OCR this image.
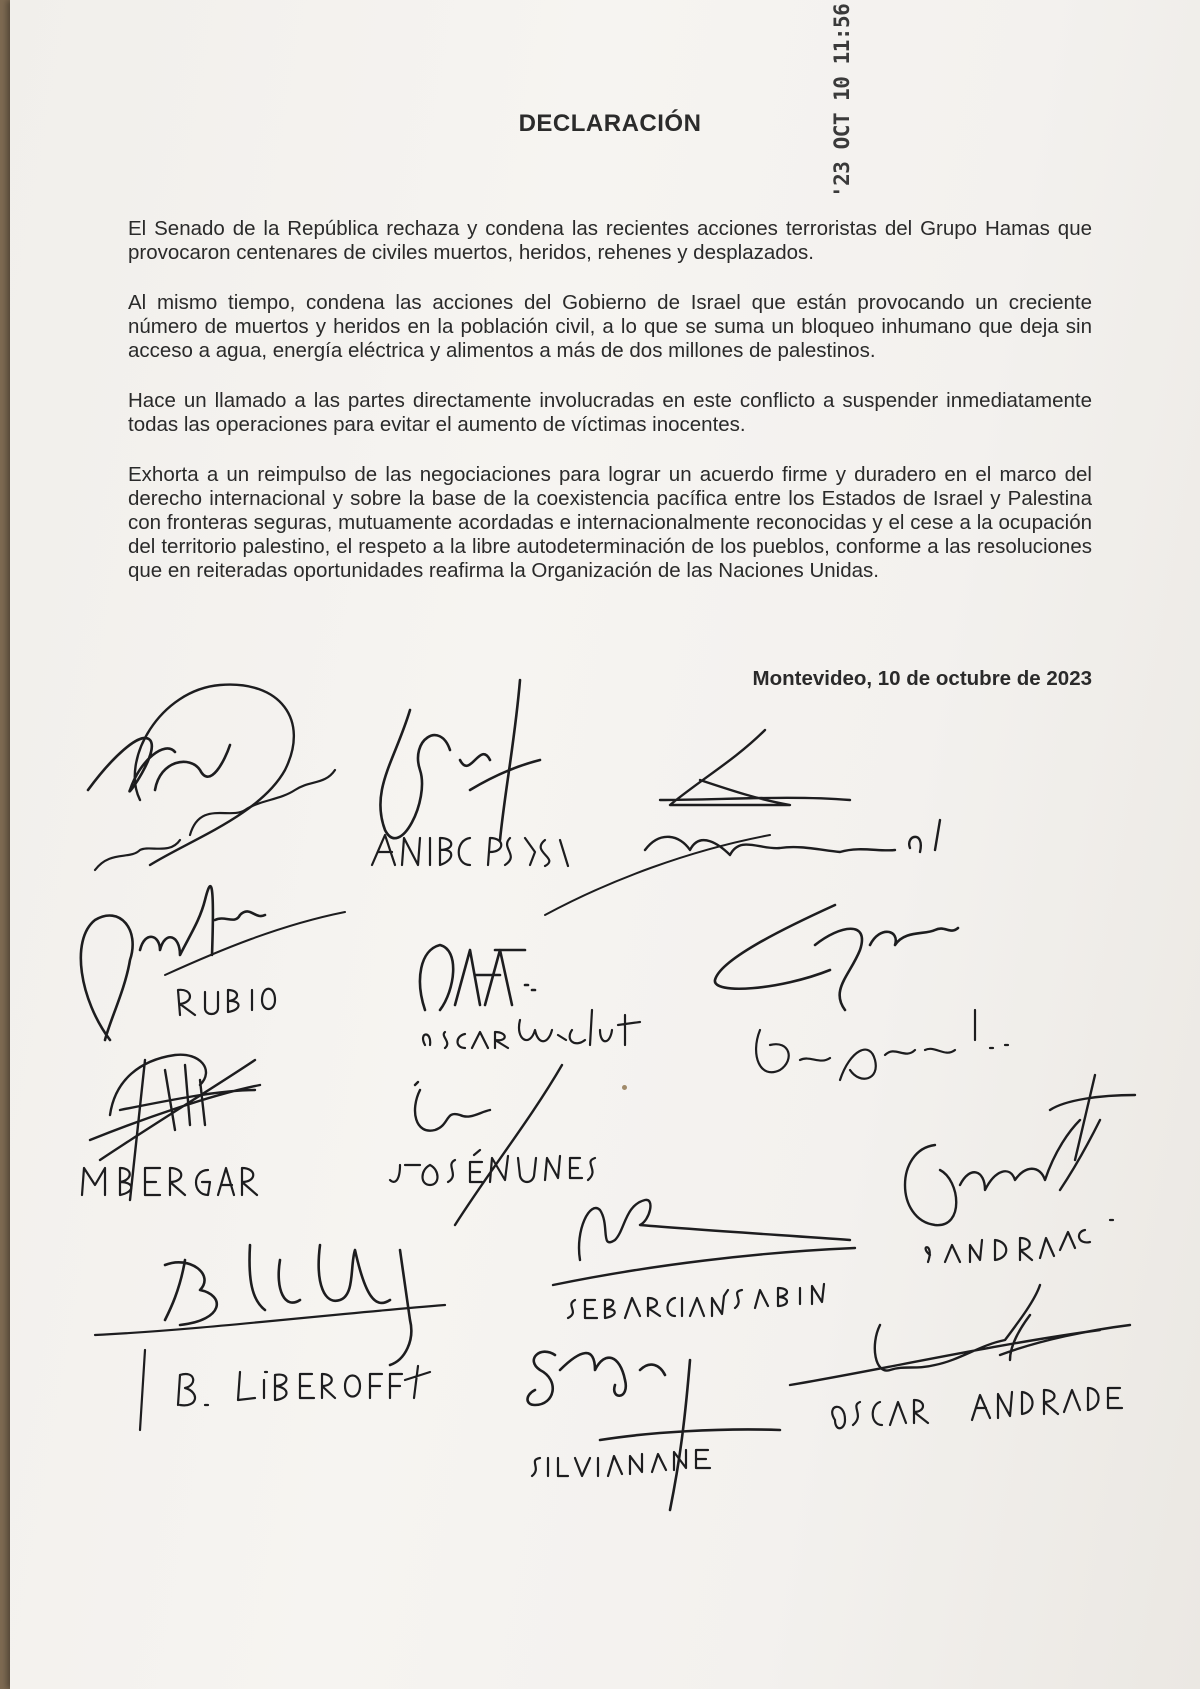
DECLARACIÓN	'23 OCT 10 11:56

El Senado de la República rechaza y condena las recientes acciones terroristas del Grupo Hamas que provocaron centenares de civiles muertos, heridos, rehenes y desplazados.

Al mismo tiempo, condena las acciones del Gobierno de Israel que están provocando un creciente número de muertos y heridos en la población civil, a lo que se suma un bloqueo inhumano que deja sin acceso a agua, energía eléctrica y alimentos a más de dos millones de palestinos.

Hace un llamado a las partes directamente involucradas en este conflicto a suspender inmediatamente todas las operaciones para evitar el aumento de víctimas inocentes.

Exhorta a un reimpulso de las negociaciones para lograr un acuerdo firme y duradero en el marco del derecho internacional y sobre la base de la coexistencia pacífica entre los Estados de Israel y Palestina con fronteras seguras, mutuamente acordadas e internacionalmente reconocidas y el cese a la ocupación del territorio palestino, el respeto a la libre autodeterminación de los pueblos, conforme a las resoluciones que en reiteradas oportunidades reafirma la Organización de las Naciones Unidas.

Montevideo, 10 de octubre de 2023
